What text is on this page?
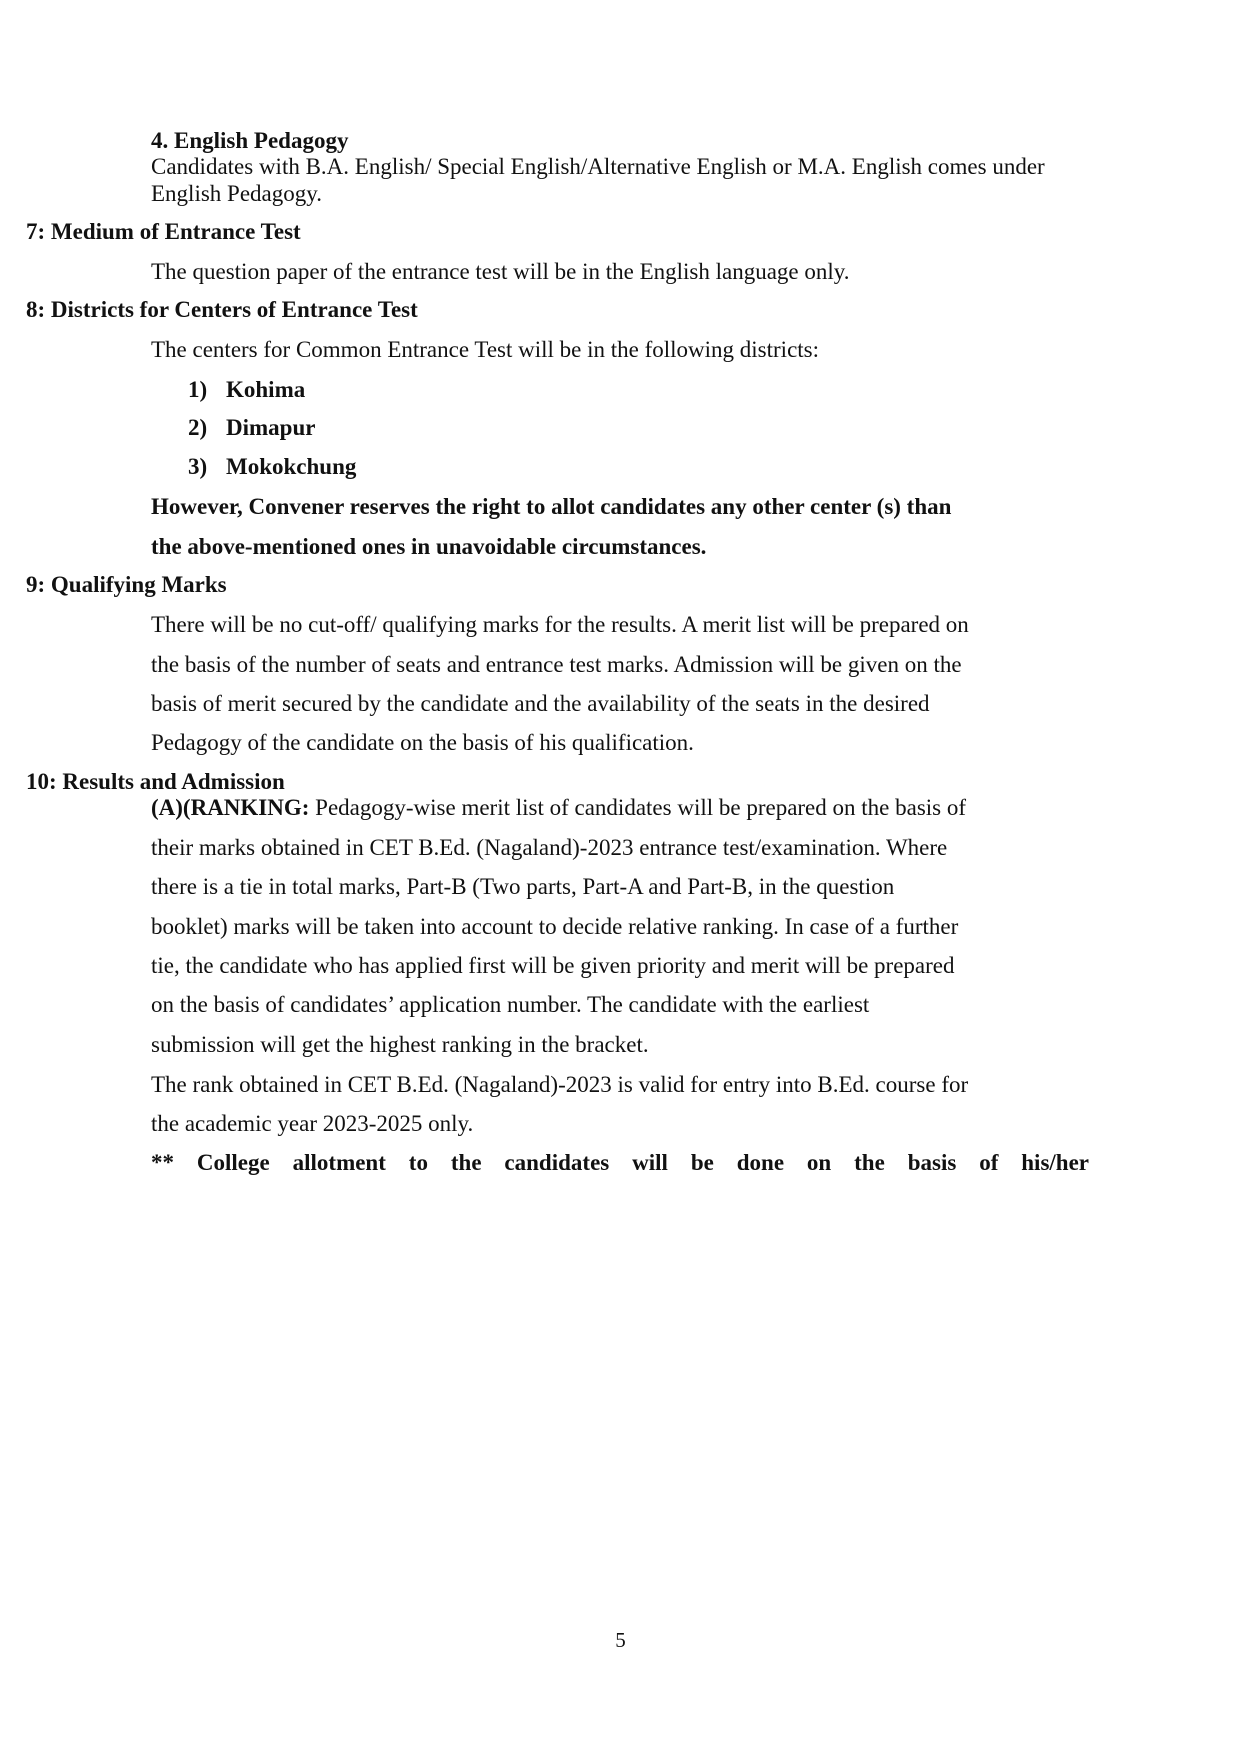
4. English Pedagogy
Candidates with B.A. English/ Special English/Alternative English or M.A. English comes under
English Pedagogy.
7: Medium of Entrance Test
The question paper of the entrance test will be in the English language only.
8: Districts for Centers of Entrance Test
The centers for Common Entrance Test will be in the following districts:
1) Kohima
2) Dimapur
3) Mokokchung
However, Convener reserves the right to allot candidates any other center (s) than
the above-mentioned ones in unavoidable circumstances.
9: Qualifying Marks
There will be no cut-off/ qualifying marks for the results. A merit list will be prepared on
the basis of the number of seats and entrance test marks. Admission will be given on the
basis of merit secured by the candidate and the availability of the seats in the desired
Pedagogy of the candidate on the basis of his qualification.
10: Results and Admission
(A)(RANKING: Pedagogy-wise merit list of candidates will be prepared on the basis of
their marks obtained in CET B.Ed. (Nagaland)-2023 entrance test/examination. Where
there is a tie in total marks, Part-B (Two parts, Part-A and Part-B, in the question
booklet) marks will be taken into account to decide relative ranking. In case of a further
tie, the candidate who has applied first will be given priority and merit will be prepared
on the basis of candidates’ application number. The candidate with the earliest
submission will get the highest ranking in the bracket.
The rank obtained in CET B.Ed. (Nagaland)-2023 is valid for entry into B.Ed. course for
the academic year 2023-2025 only.
** College allotment to the candidates will be done on the basis of his/her
5
